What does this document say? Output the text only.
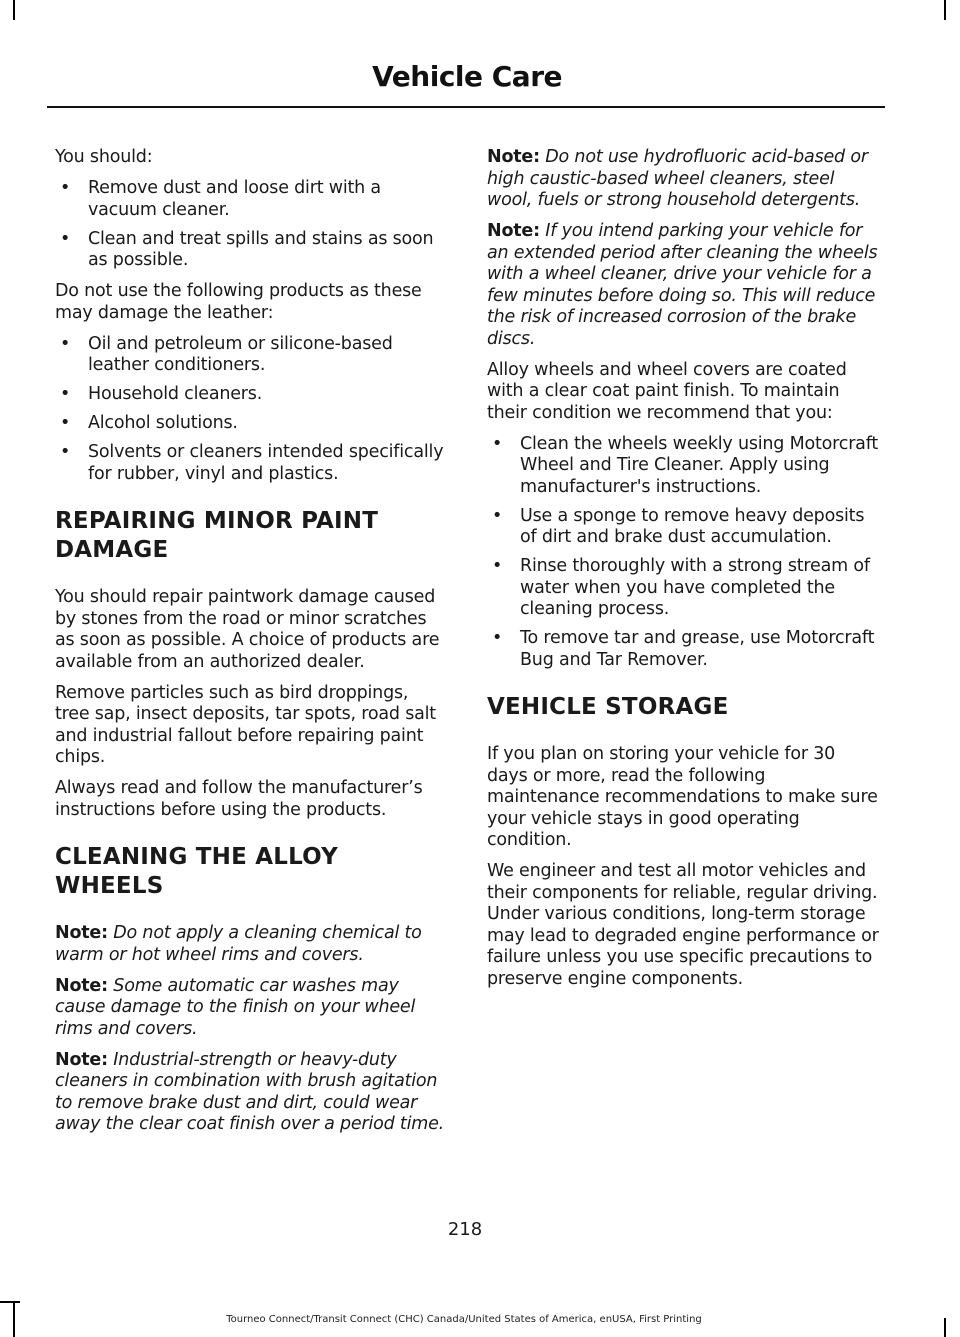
Vehicle Care

You should:

• Remove dust and loose dirt with a vacuum cleaner.
• Clean and treat spills and stains as soon as possible.

Do not use the following products as these may damage the leather:

• Oil and petroleum or silicone-based leather conditioners.
• Household cleaners.
• Alcohol solutions.
• Solvents or cleaners intended specifically for rubber, vinyl and plastics.
REPAIRING MINOR PAINT DAMAGE

You should repair paintwork damage caused by stones from the road or minor scratches as soon as possible. A choice of products are available from an authorized dealer.

Remove particles such as bird droppings, tree sap, insect deposits, tar spots, road salt and industrial fallout before repairing paint chips.

Always read and follow the manufacturer’s instructions before using the products.

CLEANING THE ALLOY WHEELS

Note: Do not apply a cleaning chemical to warm or hot wheel rims and covers.

Note: Some automatic car washes may cause damage to the finish on your wheel rims and covers.

Note: Industrial-strength or heavy-duty cleaners in combination with brush agitation to remove brake dust and dirt, could wear away the clear coat finish over a period time.

Note: Do not use hydrofluoric acid-based or high caustic-based wheel cleaners, steel wool, fuels or strong household detergents.

Note: If you intend parking your vehicle for an extended period after cleaning the wheels with a wheel cleaner, drive your vehicle for a few minutes before doing so. This will reduce the risk of increased corrosion of the brake discs.

Alloy wheels and wheel covers are coated with a clear coat paint finish. To maintain their condition we recommend that you:

• Clean the wheels weekly using Motorcraft Wheel and Tire Cleaner. Apply using manufacturer's instructions.
• Use a sponge to remove heavy deposits of dirt and brake dust accumulation.
• Rinse thoroughly with a strong stream of water when you have completed the cleaning process.
• To remove tar and grease, use Motorcraft Bug and Tar Remover.
VEHICLE STORAGE

If you plan on storing your vehicle for 30 days or more, read the following maintenance recommendations to make sure your vehicle stays in good operating condition.

We engineer and test all motor vehicles and their components for reliable, regular driving. Under various conditions, long-term storage may lead to degraded engine performance or failure unless you use specific precautions to preserve engine components.

218

Tourneo Connect/Transit Connect (CHC) Canada/United States of America, enUSA, First Printing
